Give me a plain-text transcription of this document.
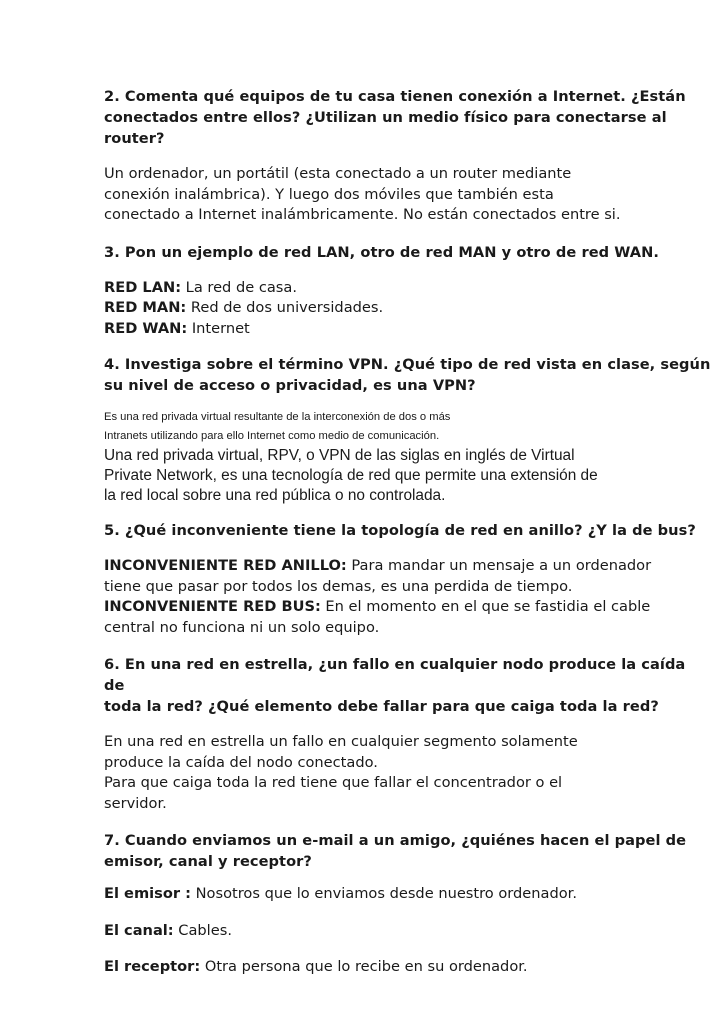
2. Comenta qué equipos de tu casa tienen conexión a Internet. ¿Están
conectados entre ellos? ¿Utilizan un medio físico para conectarse al
router?
Un ordenador, un portátil (esta conectado a un router mediante
conexión inalámbrica). Y luego dos móviles que también esta
conectado a Internet inalámbricamente. No están conectados entre si.
3. Pon un ejemplo de red LAN, otro de red MAN y otro de red WAN.
RED LAN: La red de casa.
RED MAN: Red de dos universidades.
RED WAN: Internet
4. Investiga sobre el término VPN. ¿Qué tipo de red vista en clase, según
su nivel de acceso o privacidad, es una VPN?
Es una red privada virtual resultante de la interconexión de dos o más
Intranets utilizando para ello Internet como medio de comunicación.
Una red privada virtual, RPV, o VPN de las siglas en inglés de Virtual
Private Network, es una tecnología de red que permite una extensión de
la red local sobre una red pública o no controlada.
5. ¿Qué inconveniente tiene la topología de red en anillo? ¿Y la de bus?
INCONVENIENTE RED ANILLO: Para mandar un mensaje a un ordenador
tiene que pasar por todos los demas, es una perdida de tiempo.
INCONVENIENTE RED BUS: En el momento en el que se fastidia el cable
central no funciona ni un solo equipo.
6. En una red en estrella, ¿un fallo en cualquier nodo produce la caída
de
toda la red? ¿Qué elemento debe fallar para que caiga toda la red?
En una red en estrella un fallo en cualquier segmento solamente
produce la caída del nodo conectado.
Para que caiga toda la red tiene que fallar el concentrador o el
servidor.
7. Cuando enviamos un e-mail a un amigo, ¿quiénes hacen el papel de
emisor, canal y receptor?
El emisor : Nosotros que lo enviamos desde nuestro ordenador.
El canal: Cables.
El receptor: Otra persona que lo recibe en su ordenador.
